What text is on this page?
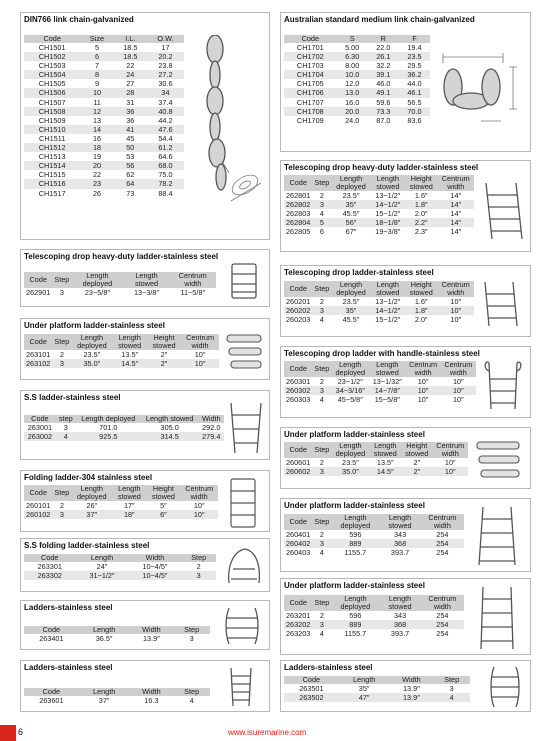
DIN766 link chain-galvanized
Code	Size	I.L.	O.W.
CH1501	5	18.5	17
CH1502	6	18.5	20.2
CH1503	7	22	23.8
CH1504	8	24	27.2
CH1505	9	27	30.6
CH1506	10	28	34
CH1507	11	31	37.4
CH1508	12	36	40.8
CH1509	13	36	44.2
CH1510	14	41	47.6
CH1511	16	45	54.4
CH1512	18	50	61.2
CH1513	19	53	64.6
CH1514	20	56	68.0
CH1515	22	62	75.0
CH1516	23	64	78.2
CH1517	26	73	88.4
Telescoping drop heavy-duty ladder-stainless steel
Code	Step	Length deployed	Length stowed	Centrum width
262901	3	23−5/8″	13−3/8″	11−5/8″
Under platform ladder-stainless steel
Code	Step	Length deployed	Length stowed	Height stowed	Centrum width
263101	2	23.5″	13.5″	2″	10″
263102	3	35.0″	14.5″	2″	10″
S.S ladder-stainless steel
Code	step	Length deployed	Length stowed	Width
263001	3	701.0	305.0	292.0
263002	4	925.5	314.5	279.4
Folding ladder-304 stainless steel
Code	Step	Length deployed	Length stowed	Height stowed	Centrum width
260101	2	26″	17″	5″	10″
260102	3	37″	18″	6″	10″
S.S folding ladder-stainless steel
Code	Length	Width	Step
263301	24″	10−4/5″	2
263302	31−1/2″	10−4/5″	3
Ladders-stainless steel
Code	Length	Width	Step
263401	36.5″	13.9″	3
Ladders-stainless steel
Code	Length	Width	Step
263601	37″	16.3	4
Australian standard medium link chain-galvanized
Code	S	R	F
CH1701	5.00	22.0	19.4
CH1702	6.30	26.1	23.5
CH1703	8.00	32.2	29.5
CH1704	10.0	39.1	36.2
CH1705	12.0	46.0	44.0
CH1706	13.0	49.1	46.1
CH1707	16.0	59.6	56.5
CH1708	20.0	73.3	70.0
CH1709	24.0	87.0	83.6
Telescoping drop heavy-duty ladder-stainless steel
Code	Step	Length deployed	Length stowed	Height stowed	Centrum width
262801	2	23.5″	13−1/2″	1.6″	14″
262802	3	35″	14−1/2″	1.8″	14″
262803	4	45.5″	15−1/2″	2.0″	14″
262804	5	56″	18−1/8″	2.2″	14″
262805	6	67″	19−3/8″	2.3″	14″
Telescoping drop ladder-stainless steel
Code	Step	Length deployed	Length stowed	Height stowed	Centrum width
260201	2	23.5″	13−1/2″	1.6″	10″
260202	3	35″	14−1/2″	1.8″	10″
260203	4	45.5″	15−1/2″	2.0″	10″
Telescoping drop ladder with handle-stainless steel
Code	Step	Length deployed	Length stowed	Centrum width	Centrum width
260301	2	23−1/2″	13−1/32″	10″	10″
260302	3	34−3/16″	14−7/8″	10″	10″
260303	4	45−5/8″	15−5/8″	10″	10″
Under platform ladder-stainless steel
Code	Step	Length deployed	Length stowed	Height stowed	Centrum width
260601	2	23.5″	13.5″	2″	10″
260602	3	35.0″	14.5″	2″	10″
Under platform ladder-stainless steel
Code	Step	Length deployed	Length stowed	Centrum width
260401	2	596	343	254
260402	3	889	368	254
260403	4	1155.7	393.7	254
Under platform ladder-stainless steel
Code	Step	Length deployed	Length stowed	Centrum width
263201	2	596	343	254
263202	3	889	368	254
263203	4	1155.7	393.7	254
Ladders-stainless steel
Code	Length	Width	Step
263501	35″	13.9″	3
263502	47″	13.9″	4
6	www.isuremarine.com
